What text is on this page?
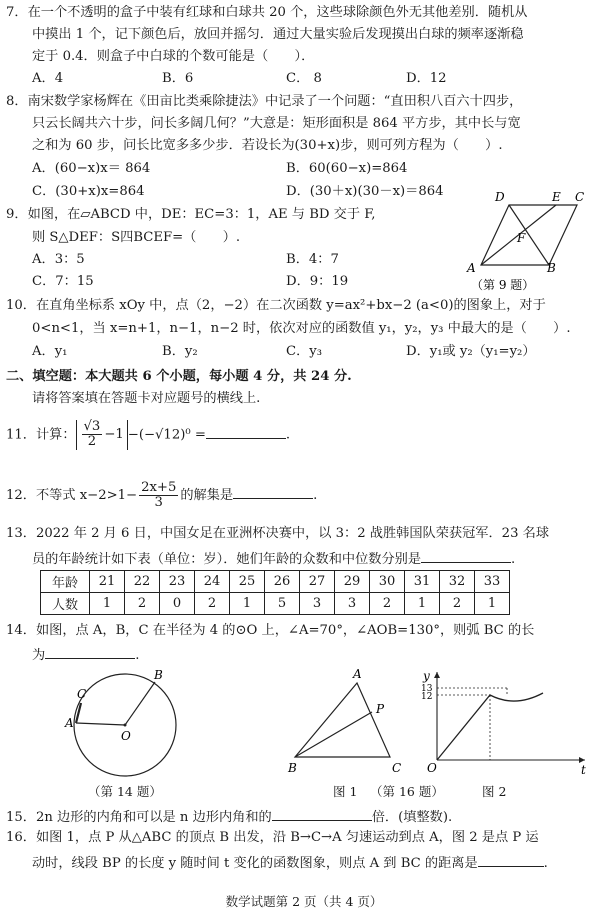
7．在一个不透明的盒子中装有红球和白球共 20 个，这些球除颜色外无其他差别．随机从
中摸出 1 个，记下颜色后，放回并摇匀．通过大量实验后发现摸出白球的频率逐渐稳
定于 0.4．则盒子中白球的个数可能是（　　）．
A．4	B．6	C． 8	D．12
8．南宋数学家杨辉在《田亩比类乘除捷法》中记录了一个问题：“直田积八百六十四步，
只云长阔共六十步，问长多阔几何？”大意是：矩形面积是 864 平方步，其中长与宽
之和为 60 步，问长比宽多多少步．若设长为(30+x)步，则可列方程为（　　）.
A．(60−x)x＝ 864	B．60(60−x)=864
C．(30+x)x=864	D．(30＋x)(30－x)＝864
9．如图，在▱ABCD 中，DE：EC=3：1，AE 与 BD 交于 F,
则 S△DEF：S四BCEF=（　　）.
A．3：5	B．4：7
C．7：15	D．9：19
D	E C
F
A	B
（第 9 题）
10．在直角坐标系 xOy 中，点（2，−2）在二次函数 y=ax²+bx−2 (a<0)的图象上，对于
0<n<1，当 x=n+1，n−1，n−2 时，依次对应的函数值 y₁，y₂，y₃ 中最大的是（　　）.
A．y₁	B．y₂	C．y₃	D．y₁或 y₂（y₁=y₂）
二、填空题：本大题共 6 个小题，每小题 4 分，共 24 分.
请将答案填在答题卡对应题号的横线上.
11．计算： $\frac{√3}{2} -1 -(-√12)^0$ =	.
12．不等式 $x-2>1- \frac{2x+5}{3}$ 的解集是	.
13．2022 年 2 月 6 日，中国女足在亚洲杯决赛中，以 3：2 战胜韩国队荣获冠军．23 名球
员的年龄统计如下表（单位：岁）．她们年龄的众数和中位数分别是	.
年龄	21	22	23	24	25	26	27	29	30	31	32	33
人数	1	2	0	2	1	5	3	3	2	1	2	1
14．如图，点 A，B，C 在半径为 4 的⊙O 上，∠A=70°，∠AOB=130°，则弧 BC 的长
为	.
C
B
A
O
（第 14 题）
A
P
B	C
y
13
12
O	t
图 1 （第 16 题）	图 2
15．2n 边形的内角和可以是 n 边形内角和的	倍．(填整数).
16．如图 1，点 P 从△ABC 的顶点 B 出发，沿 B→C→A 匀速运动到点 A，图 2 是点 P 运
动时，线段 BP 的长度 y 随时间 t 变化的函数图象，则点 A 到 BC 的距离是	.
数学试题第 2 页（共 4 页）
